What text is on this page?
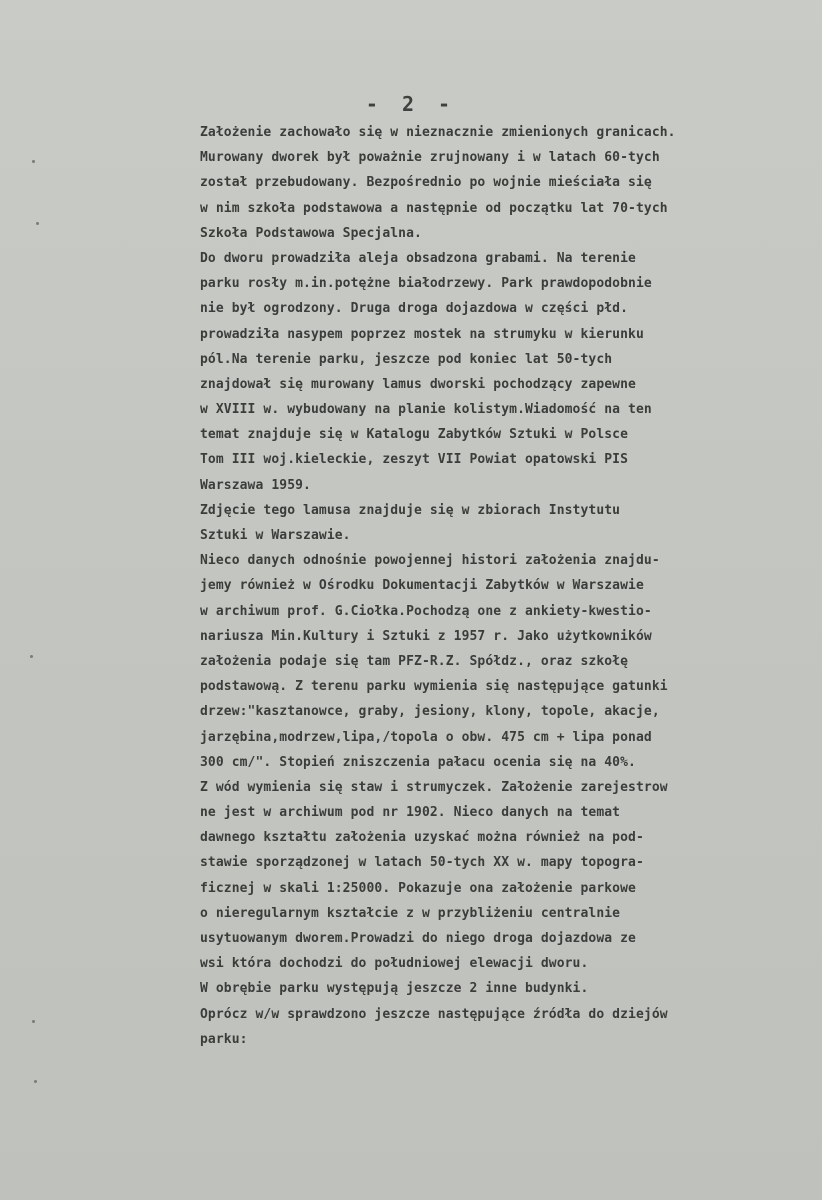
- 2 -
Założenie zachowało się w nieznacznie zmienionych granicach.
Murowany dworek był poważnie zrujnowany i w latach 60-tych
został przebudowany. Bezpośrednio po wojnie mieściała się
w nim szkoła podstawowa a następnie od początku lat 70-tych
Szkoła Podstawowa Specjalna.
Do dworu prowadziła aleja obsadzona grabami. Na terenie
parku rosły m.in.potężne białodrzewy. Park prawdopodobnie
nie był ogrodzony. Druga droga dojazdowa w części płd.
prowadziła nasypem poprzez mostek na strumyku w kierunku
pól.Na terenie parku, jeszcze pod koniec lat 50-tych
znajdował się murowany lamus dworski pochodzący zapewne
w XVIII w. wybudowany na planie kolistym.Wiadomość na ten
temat znajduje się w Katalogu Zabytków Sztuki w Polsce
Tom III woj.kieleckie, zeszyt VII Powiat opatowski PIS
Warszawa 1959.
Zdjęcie tego lamusa znajduje się w zbiorach Instytutu
Sztuki w Warszawie.
Nieco danych odnośnie powojennej histori założenia znajdu-
jemy również w Ośrodku Dokumentacji Zabytków w Warszawie
w archiwum prof. G.Ciołka.Pochodzą one z ankiety-kwestio-
nariusza Min.Kultury i Sztuki z 1957 r. Jako użytkowników
założenia podaje się tam PFZ-R.Z. Spółdz., oraz szkołę
podstawową. Z terenu parku wymienia się następujące gatunki
drzew:"kasztanowce, graby, jesiony, klony, topole, akacje,
jarzębina,modrzew,lipa,/topola o obw. 475 cm + lipa ponad
300 cm/". Stopień zniszczenia pałacu ocenia się na 40%.
Z wód wymienia się staw i strumyczek. Założenie zarejestrow
ne jest w archiwum pod nr 1902. Nieco danych na temat
dawnego kształtu założenia uzyskać można również na pod-
stawie sporządzonej w latach 50-tych XX w. mapy topogra-
ficznej w skali 1:25000. Pokazuje ona założenie parkowe
o nieregularnym kształcie z w przybliżeniu centralnie
usytuowanym dworem.Prowadzi do niego droga dojazdowa ze
wsi która dochodzi do południowej elewacji dworu.
W obrębie parku występują jeszcze 2 inne budynki.
Oprócz w/w sprawdzono jeszcze następujące źródła do dziejów
parku:
